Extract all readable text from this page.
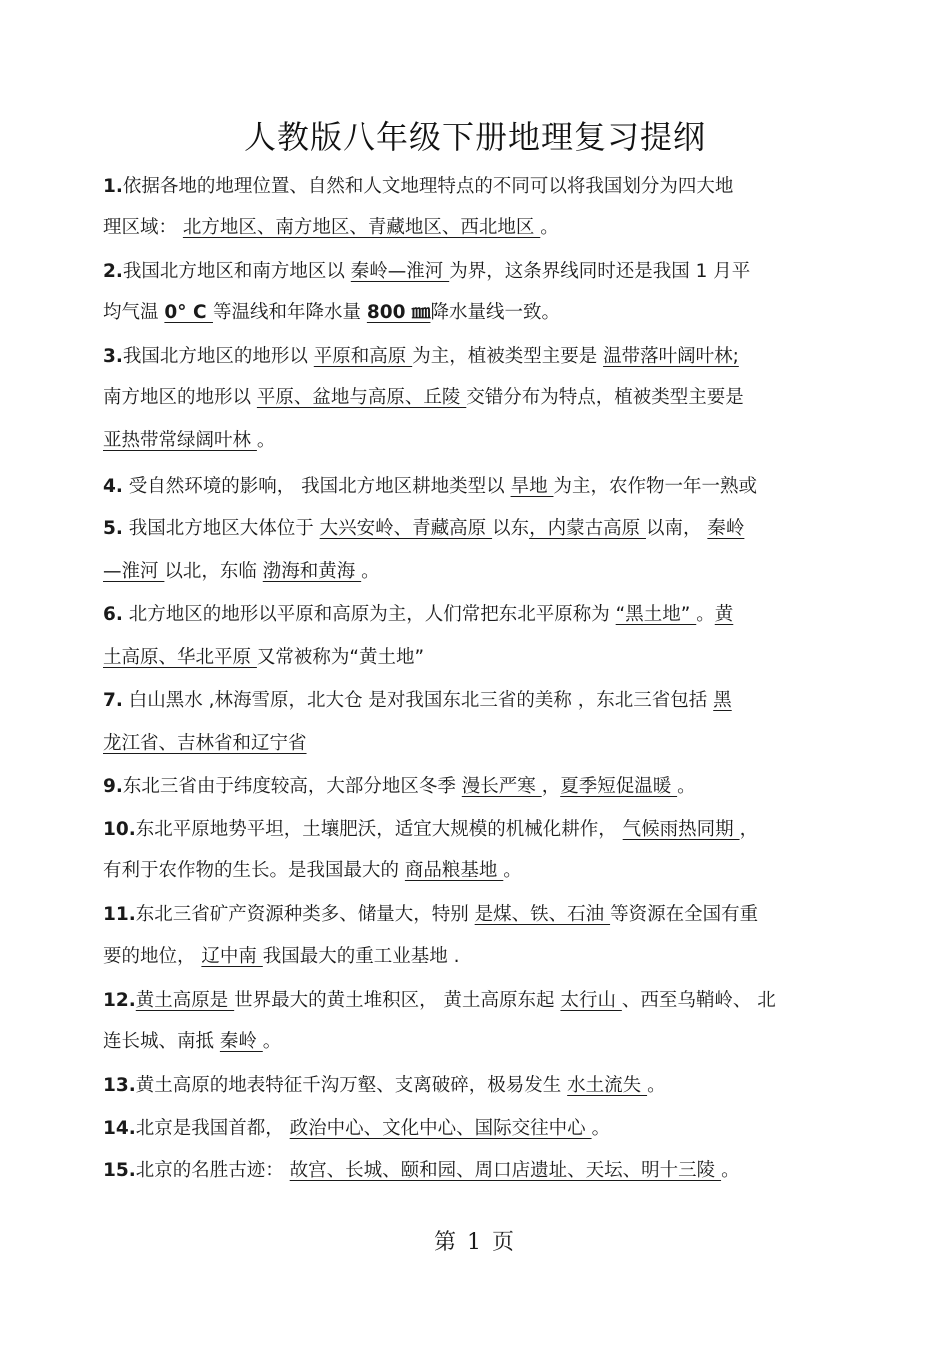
人教版八年级下册地理复习提纲
1.依据各地的地理位置、自然和人文地理特点的不同可以将我国划分为四大地
理区域： 北方地区、南方地区、青藏地区、西北地区 。
2.我国北方地区和南方地区以 秦岭—淮河 为界，这条界线同时还是我国 1 月平
均气温 0° C 等温线和年降水量 800 ㎜降水量线一致。
3.我国北方地区的地形以 平原和高原 为主，植被类型主要是 温带落叶阔叶林;
南方地区的地形以 平原、盆地与高原、丘陵 交错分布为特点，植被类型主要是
亚热带常绿阔叶林 。
4. 受自然环境的影响， 我国北方地区耕地类型以 旱地 为主，农作物一年一熟或
5. 我国北方地区大体位于 大兴安岭、青藏高原 以东，内蒙古高原 以南， 秦岭
—淮河 以北，东临 渤海和黄海 。
6. 北方地区的地形以平原和高原为主，人们常把东北平原称为 “黑土地” 。黄
土高原、华北平原 又常被称为“黄土地”
7. 白山黑水 ,林海雪原，北大仓 是对我国东北三省的美称 ，东北三省包括 黑
龙江省、吉林省和辽宁省
9.东北三省由于纬度较高，大部分地区冬季 漫长严寒 ，夏季短促温暖 。
10.东北平原地势平坦，土壤肥沃，适宜大规模的机械化耕作， 气候雨热同期 ，
有利于农作物的生长。是我国最大的 商品粮基地 。
11.东北三省矿产资源种类多、储量大，特别 是煤、铁、石油 等资源在全国有重
要的地位， 辽中南 我国最大的重工业基地 .
12.黄土高原是 世界最大的黄土堆积区， 黄土高原东起 太行山 、西至乌鞘岭、 北
连长城、南抵 秦岭 。
13.黄土高原的地表特征千沟万壑、支离破碎，极易发生 水土流失 。
14.北京是我国首都， 政治中心、文化中心、国际交往中心 。
15.北京的名胜古迹： 故宫、长城、颐和园、周口店遗址、天坛、明十三陵 。
第 1 页
